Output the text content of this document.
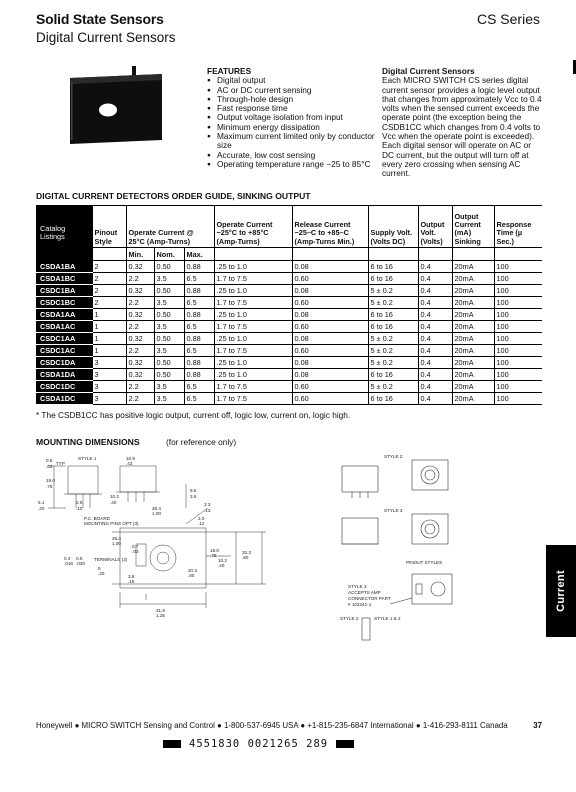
Solid State Sensors
Digital Current Sensors
CS Series
FEATURES
● Digital output
● AC or DC current sensing
● Through-hole design
● Fast response time
● Output voltage isolation from input
● Minimum energy dissipation
● Maximum current limited only by conductor size
● Accurate, low cost sensing
● Operating temperature range −25 to 85°C
Digital Current Sensors

Each MICRO SWITCH CS series digital current sensor provides a logic level output that changes from approximately Vcc to 0.4 volts when the sensed current exceeds the operate point (the exception being the CSDB1CC which changes from 0.4 volts to Vcc when the operate point is exceeded). Each digital sensor will operate on AC or DC current, but the output will turn off at every zero crossing when sensing AC current.

DIGITAL CURRENT DETECTORS ORDER GUIDE, SINKING OUTPUT
Catalog Listings	Pinout Style	Operate Current @ 25°C (Amp-Turns)			Operate Current −25°C to +85°C (Amp-Turns)	Release Current −25–C to +85–C (Amp-Turns Min.)	Supply Volt. (Volts DC)	Output Volt. (Volts)	Output Current (mA) Sinking	Response Time (µ Sec.)
		Min.	Nom.	Max.						
CSDA1BA	2	0.32	0.50	0.88	.25 to 1.0	0.08	6 to 16	0.4	20mA	100
CSDA1BC	2	2.2	3.5	6.5	1.7 to 7.5	0.60	6 to 16	0.4	20mA	100
CSDC1BA	2	0.32	0.50	0.88	.25 to 1.0	0.08	5 ± 0.2	0.4	20mA	100
CSDC1BC	2	2.2	3.5	6.5	1.7 to 7.5	0.60	5 ± 0.2	0.4	20mA	100
CSDA1AA	1	0.32	0.50	0.88	.25 to 1.0	0.08	6 to 16	0.4	20mA	100
CSDA1AC	1	2.2	3.5	6.5	1.7 to 7.5	0.60	6 to 16	0.4	20mA	100
CSDC1AA	1	0.32	0.50	0.88	.25 to 1.0	0.08	5 ± 0.2	0.4	20mA	100
CSDC1AC	1	2.2	3.5	6.5	1.7 to 7.5	0.60	5 ± 0.2	0.4	20mA	100
CSDC1DA	3	0.32	0.50	0.88	.25 to 1.0	0.08	5 ± 0.2	0.4	20mA	100
CSDA1DA	3	0.32	0.50	0.88	.25 to 1.0	0.08	6 to 16	0.4	20mA	100
CSDC1DC	3	2.2	3.5	6.5	1.7 to 7.5	0.60	5 ± 0.2	0.4	20mA	100
CSDA1DC	3	2.2	3.5	6.5	1.7 to 7.5	0.60	6 to 16	0.4	20mA	100
* The CSDB1CC has positive logic output, current off, logic low, current on, logic high.
MOUNTING DIMENSIONS	(for reference only)
STYLE 1
0.5
.02
TYP
19.0
.75
5.1
.20
2.5
.10
10.9
.43
10.2
.40
9.5
3.8
3.3
.13
25.4
1.00
3.0
.12
P.C. BOARD
MOUNTING PINS OPT (3)
25.4
1.00
0.7
.03	19.0
.75
20.3
.80
10.2
.40
0.4 0.5
.016 .020
TERMINALS (3)
5
.20
3.8
.15
20.3
.80
31.8
1.25
STYLE 2
STYLE 3
PINOUT STYLES
STYLE 3
ACCEPTS AMP
CONNECTOR PART
# 102241-1
STYLE 2	STYLE 1 & 2
Current
Honeywell ● MICRO SWITCH Sensing and Control ● 1-800-537-6945 USA ● +1-815-235-6847 International ● 1-416-293-8111 Canada	37
4551830 0021265 289
